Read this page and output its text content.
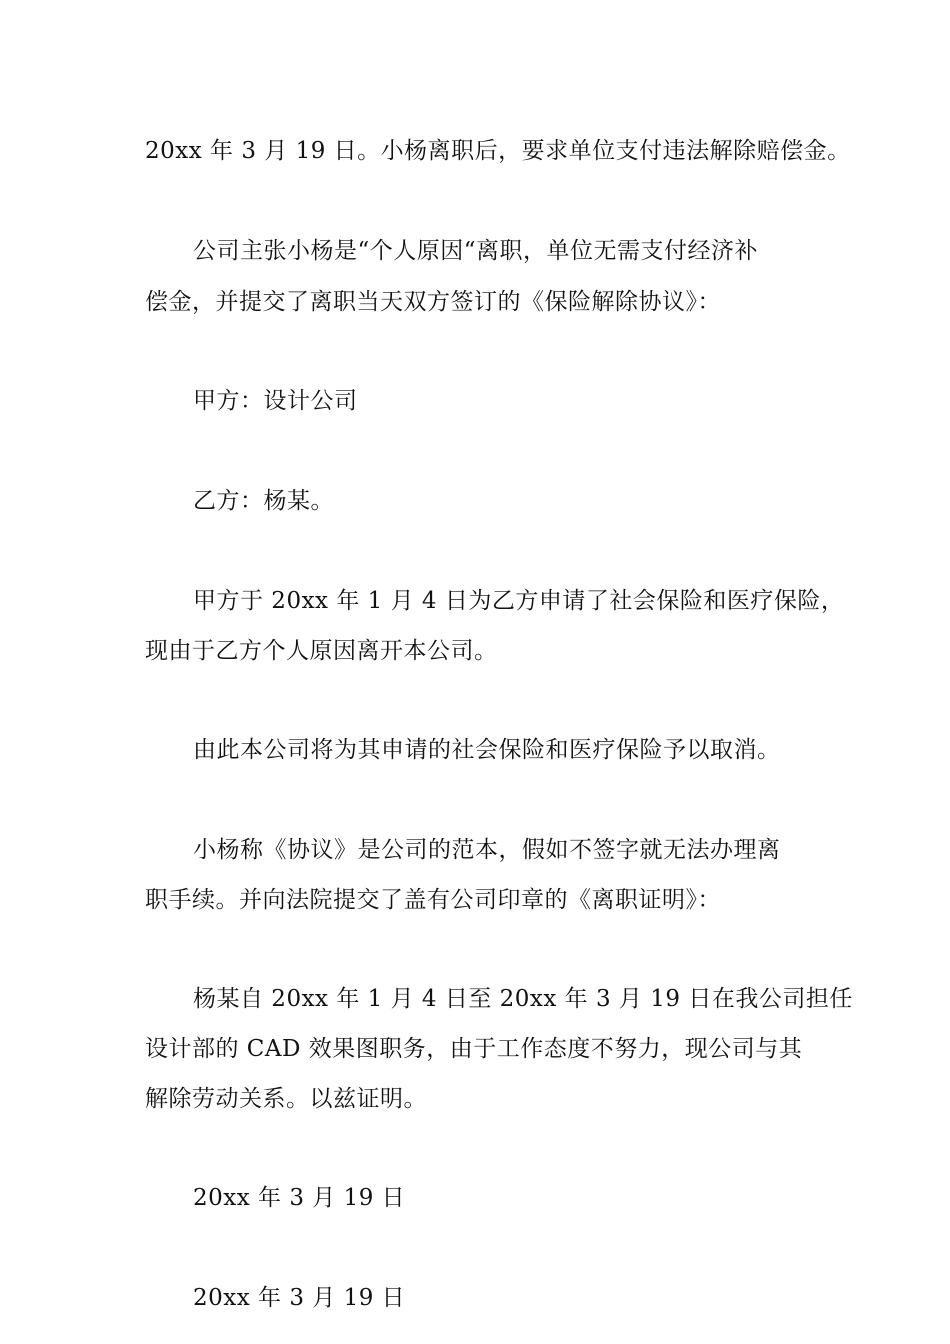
20xx 年 3 月 19 日。小杨离职后，要求单位支付违法解除赔偿金。
公司主张小杨是“个人原因“离职，单位无需支付经济补
偿金，并提交了离职当天双方签订的《保险解除协议》：
甲方：设计公司
乙方：杨某。
甲方于 20xx 年 1 月 4 日为乙方申请了社会保险和医疗保险，
现由于乙方个人原因离开本公司。
由此本公司将为其申请的社会保险和医疗保险予以取消。
小杨称《协议》是公司的范本，假如不签字就无法办理离
职手续。并向法院提交了盖有公司印章的《离职证明》：
杨某自 20xx 年 1 月 4 日至 20xx 年 3 月 19 日在我公司担任
设计部的 CAD 效果图职务，由于工作态度不努力，现公司与其
解除劳动关系。以兹证明。
20xx 年 3 月 19 日
20xx 年 3 月 19 日
